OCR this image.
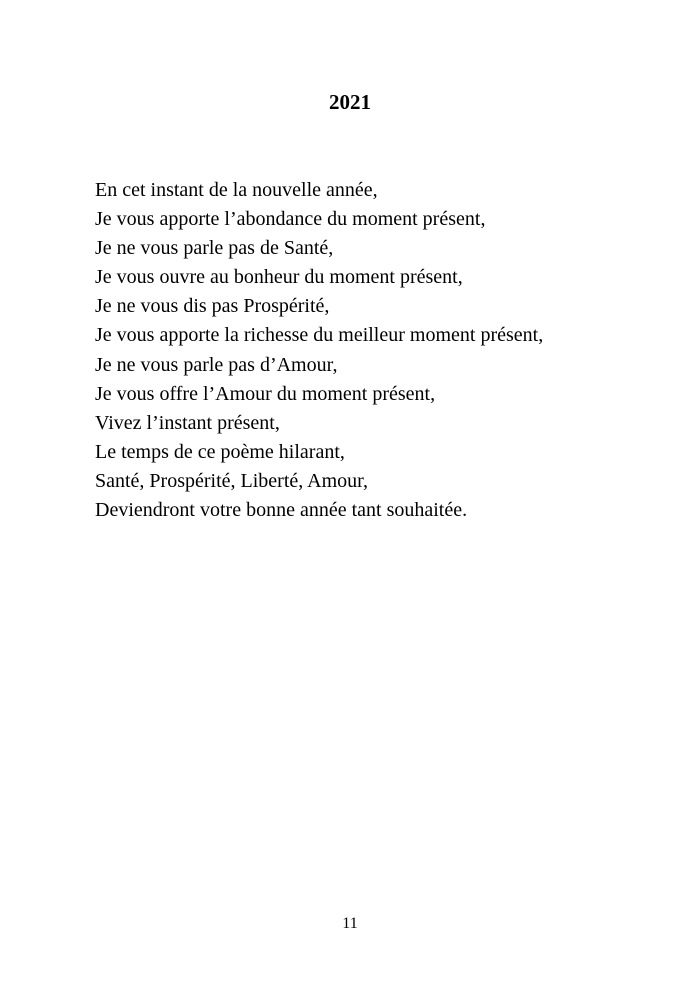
2021
En cet instant de la nouvelle année,
Je vous apporte l’abondance du moment présent,
Je ne vous parle pas de Santé,
Je vous ouvre au bonheur du moment présent,
Je ne vous dis pas Prospérité,
Je vous apporte la richesse du meilleur moment présent,
Je ne vous parle pas d’Amour,
Je vous offre l’Amour du moment présent,
Vivez l’instant présent,
Le temps de ce poème hilarant,
Santé, Prospérité, Liberté, Amour,
Deviendront votre bonne année tant souhaitée.
11
